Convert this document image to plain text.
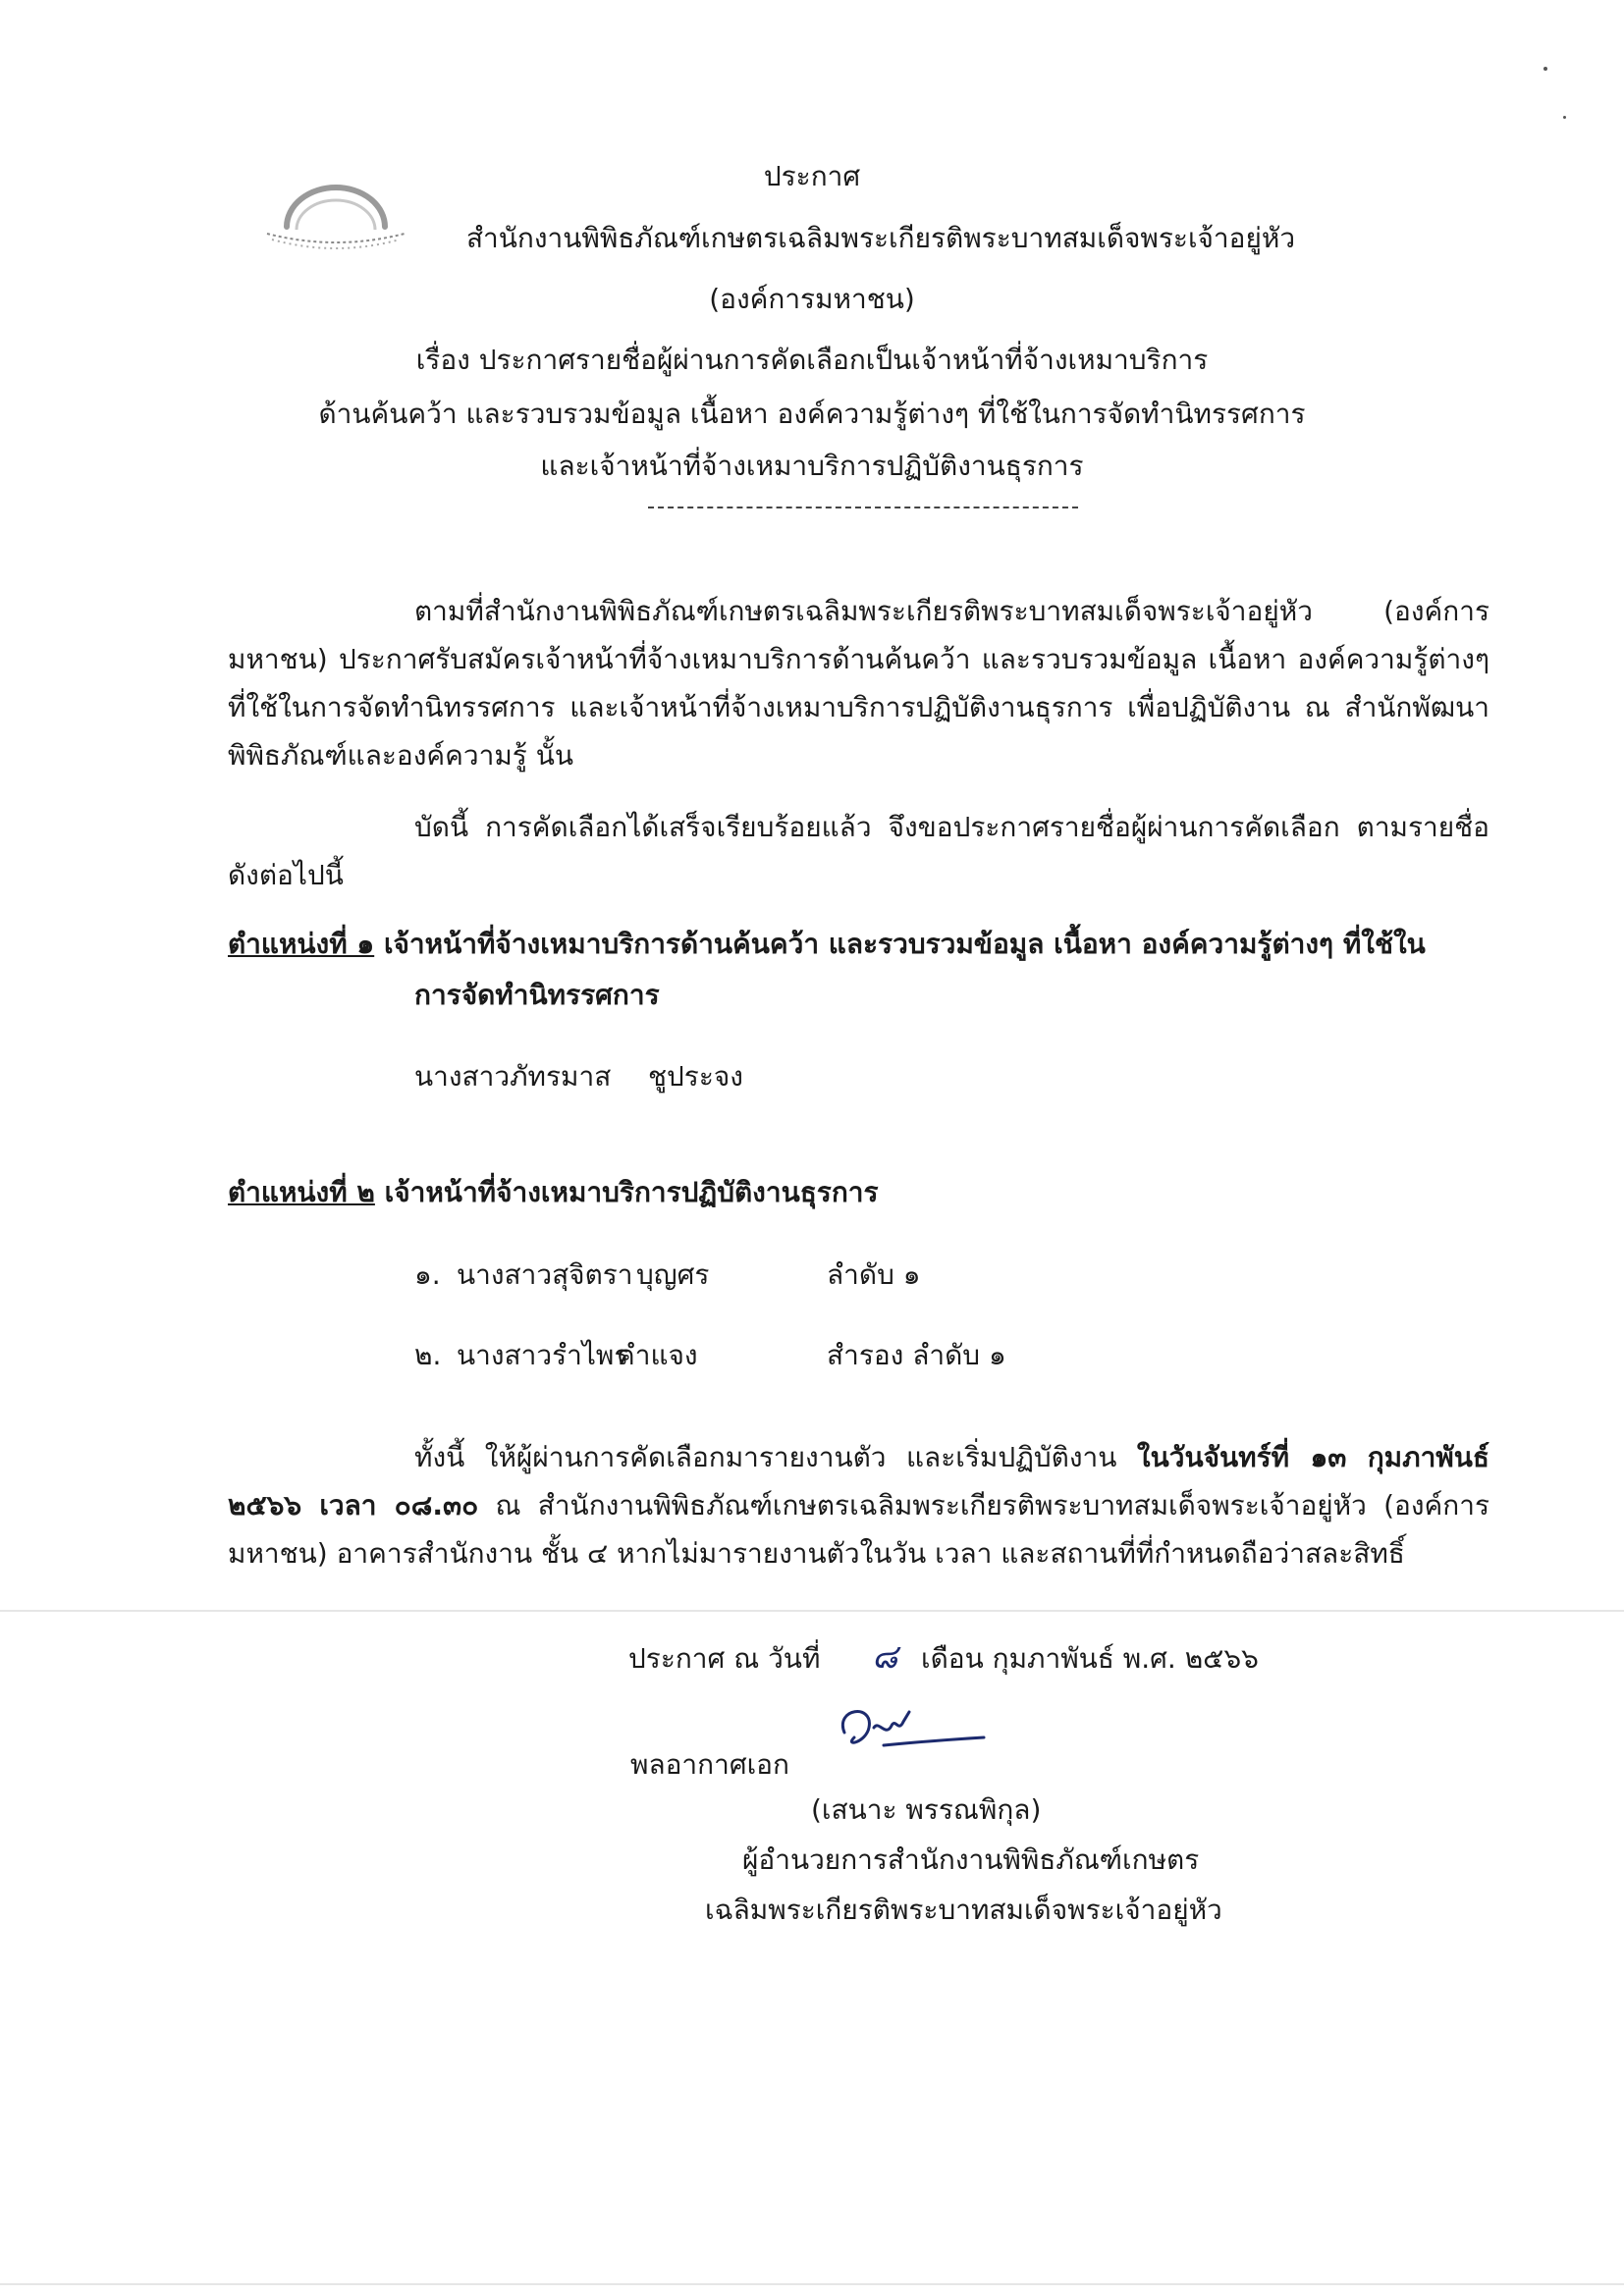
ประกาศ
สำนักงานพิพิธภัณฑ์เกษตรเฉลิมพระเกียรติพระบาทสมเด็จพระเจ้าอยู่หัว
(องค์การมหาชน)
เรื่อง ประกาศรายชื่อผู้ผ่านการคัดเลือกเป็นเจ้าหน้าที่จ้างเหมาบริการ
ด้านค้นคว้า และรวบรวมข้อมูล เนื้อหา องค์ความรู้ต่างๆ ที่ใช้ในการจัดทำนิทรรศการ
และเจ้าหน้าที่จ้างเหมาบริการปฏิบัติงานธุรการ
ตามที่สำนักงานพิพิธภัณฑ์เกษตรเฉลิมพระเกียรติพระบาทสมเด็จพระเจ้าอยู่หัว (องค์การมหาชน) ประกาศรับสมัครเจ้าหน้าที่จ้างเหมาบริการด้านค้นคว้า และรวบรวมข้อมูล เนื้อหา องค์ความรู้ต่างๆ ที่ใช้ในการจัดทำนิทรรศการ และเจ้าหน้าที่จ้างเหมาบริการปฏิบัติงานธุรการ เพื่อปฏิบัติงาน ณ สำนักพัฒนาพิพิธภัณฑ์และองค์ความรู้ นั้น
บัดนี้ การคัดเลือกได้เสร็จเรียบร้อยแล้ว จึงขอประกาศรายชื่อผู้ผ่านการคัดเลือก ตามรายชื่อดังต่อไปนี้
ตำแหน่งที่ ๑ เจ้าหน้าที่จ้างเหมาบริการด้านค้นคว้า และรวบรวมข้อมูล เนื้อหา องค์ความรู้ต่างๆ ที่ใช้ใน
การจัดทำนิทรรศการ
นางสาวภัทรมาส ชูประจง
ตำแหน่งที่ ๒ เจ้าหน้าที่จ้างเหมาบริการปฏิบัติงานธุรการ
๑. นางสาวสุจิตรา บุญศร	ลำดับ ๑
๒. นางสาวรำไพร
คำแจง	สำรอง ลำดับ ๑
ทั้งนี้ ให้ผู้ผ่านการคัดเลือกมารายงานตัว และเริ่มปฏิบัติงาน ในวันจันทร์ที่ ๑๓ กุมภาพันธ์ ๒๕๖๖ เวลา ๐๘.๓๐ ณ สำนักงานพิพิธภัณฑ์เกษตรเฉลิมพระเกียรติพระบาทสมเด็จพระเจ้าอยู่หัว (องค์การมหาชน) อาคารสำนักงาน ชั้น ๔ หากไม่มารายงานตัวในวัน เวลา และสถานที่ที่กำหนดถือว่าสละสิทธิ์
ประกาศ ณ วันที่ ๘ เดือน กุมภาพันธ์ พ.ศ. ๒๕๖๖
พลอากาศเอก
(เสนาะ พรรณพิกุล)
ผู้อำนวยการสำนักงานพิพิธภัณฑ์เกษตร
เฉลิมพระเกียรติพระบาทสมเด็จพระเจ้าอยู่หัว
